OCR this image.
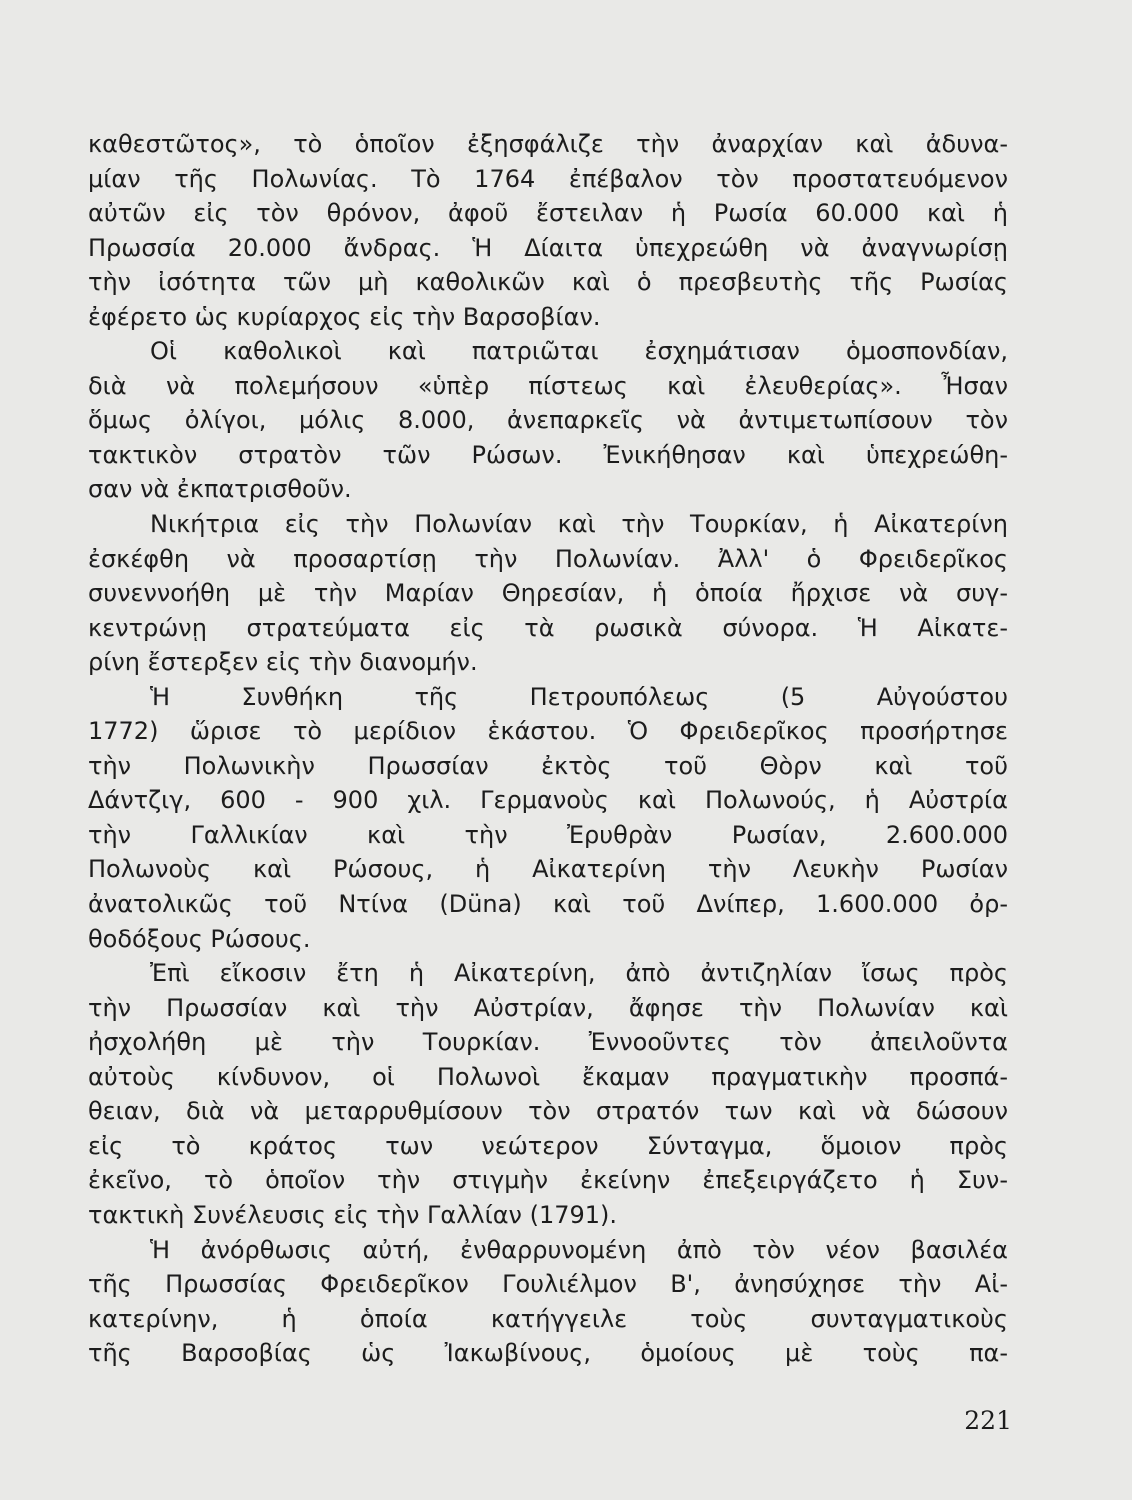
καθεστῶτος», τὸ ὁποῖον ἐξησφάλιζε τὴν ἀναρχίαν καὶ ἀδυνα-
μίαν τῆς Πολωνίας. Τὸ 1764 ἐπέβαλον τὸν προστατευόμενον
αὐτῶν εἰς τὸν θρόνον, ἀφοῦ ἔστειλαν ἡ Ρωσία 60.000 καὶ ἡ
Πρωσσία 20.000 ἄνδρας. Ἡ Δίαιτα ὑπεχρεώθη νὰ ἀναγνωρίσῃ
τὴν ἰσότητα τῶν μὴ καθολικῶν καὶ ὁ πρεσβευτὴς τῆς Ρωσίας
ἐφέρετο ὡς κυρίαρχος εἰς τὴν Βαρσοβίαν.
Οἱ καθολικοὶ καὶ πατριῶται ἐσχημάτισαν ὁμοσπονδίαν,
διὰ νὰ πολεμήσουν «ὑπὲρ πίστεως καὶ ἐλευθερίας». Ἦσαν
ὅμως ὀλίγοι, μόλις 8.000, ἀνεπαρκεῖς νὰ ἀντιμετωπίσουν τὸν
τακτικὸν στρατὸν τῶν Ρώσων. Ἐνικήθησαν καὶ ὑπεχρεώθη-
σαν νὰ ἐκπατρισθοῦν.
Νικήτρια εἰς τὴν Πολωνίαν καὶ τὴν Τουρκίαν, ἡ Αἰκατερίνη
ἐσκέφθη νὰ προσαρτίσῃ τὴν Πολωνίαν. Ἀλλ' ὁ Φρειδερῖκος
συνεννοήθη μὲ τὴν Μαρίαν Θηρεσίαν, ἡ ὁποία ἤρχισε νὰ συγ-
κεντρώνῃ στρατεύματα εἰς τὰ ρωσικὰ σύνορα. Ἡ Αἰκατε-
ρίνη ἔστερξεν εἰς τὴν διανομήν.
Ἡ Συνθήκη τῆς Πετρουπόλεως (5 Αὐγούστου
1772) ὥρισε τὸ μερίδιον ἑκάστου. Ὁ Φρειδερῖκος προσήρτησε
τὴν Πολωνικὴν Πρωσσίαν ἐκτὸς τοῦ Θὸρν καὶ τοῦ
Δάντζιγ, 600 - 900 χιλ. Γερμανοὺς καὶ Πολωνούς, ἡ Αὐστρία
τὴν Γαλλικίαν καὶ τὴν Ἐρυθρὰν Ρωσίαν, 2.600.000
Πολωνοὺς καὶ Ρώσους, ἡ Αἰκατερίνη τὴν Λευκὴν Ρωσίαν
ἀνατολικῶς τοῦ Ντίνα (Düna) καὶ τοῦ Δνίπερ, 1.600.000 ὀρ-
θοδόξους Ρώσους.
Ἐπὶ εἴκοσιν ἔτη ἡ Αἰκατερίνη, ἀπὸ ἀντιζηλίαν ἴσως πρὸς
τὴν Πρωσσίαν καὶ τὴν Αὐστρίαν, ἄφησε τὴν Πολωνίαν καὶ
ἠσχολήθη μὲ τὴν Τουρκίαν. Ἐννοοῦντες τὸν ἀπειλοῦντα
αὐτοὺς κίνδυνον, οἱ Πολωνοὶ ἔκαμαν πραγματικὴν προσπά-
θειαν, διὰ νὰ μεταρρυθμίσουν τὸν στρατόν των καὶ νὰ δώσουν
εἰς τὸ κράτος των νεώτερον Σύνταγμα, ὅμοιον πρὸς
ἐκεῖνο, τὸ ὁποῖον τὴν στιγμὴν ἐκείνην ἐπεξειργάζετο ἡ Συν-
τακτικὴ Συνέλευσις εἰς τὴν Γαλλίαν (1791).
Ἡ ἀνόρθωσις αὐτή, ἐνθαρρυνομένη ἀπὸ τὸν νέον βασιλέα
τῆς Πρωσσίας Φρειδερῖκον Γουλιέλμον Β', ἀνησύχησε τὴν Αἰ-
κατερίνην, ἡ ὁποία κατήγγειλε τοὺς συνταγματικοὺς
τῆς Βαρσοβίας ὡς Ἰακωβίνους, ὁμοίους μὲ τοὺς πα-
221
